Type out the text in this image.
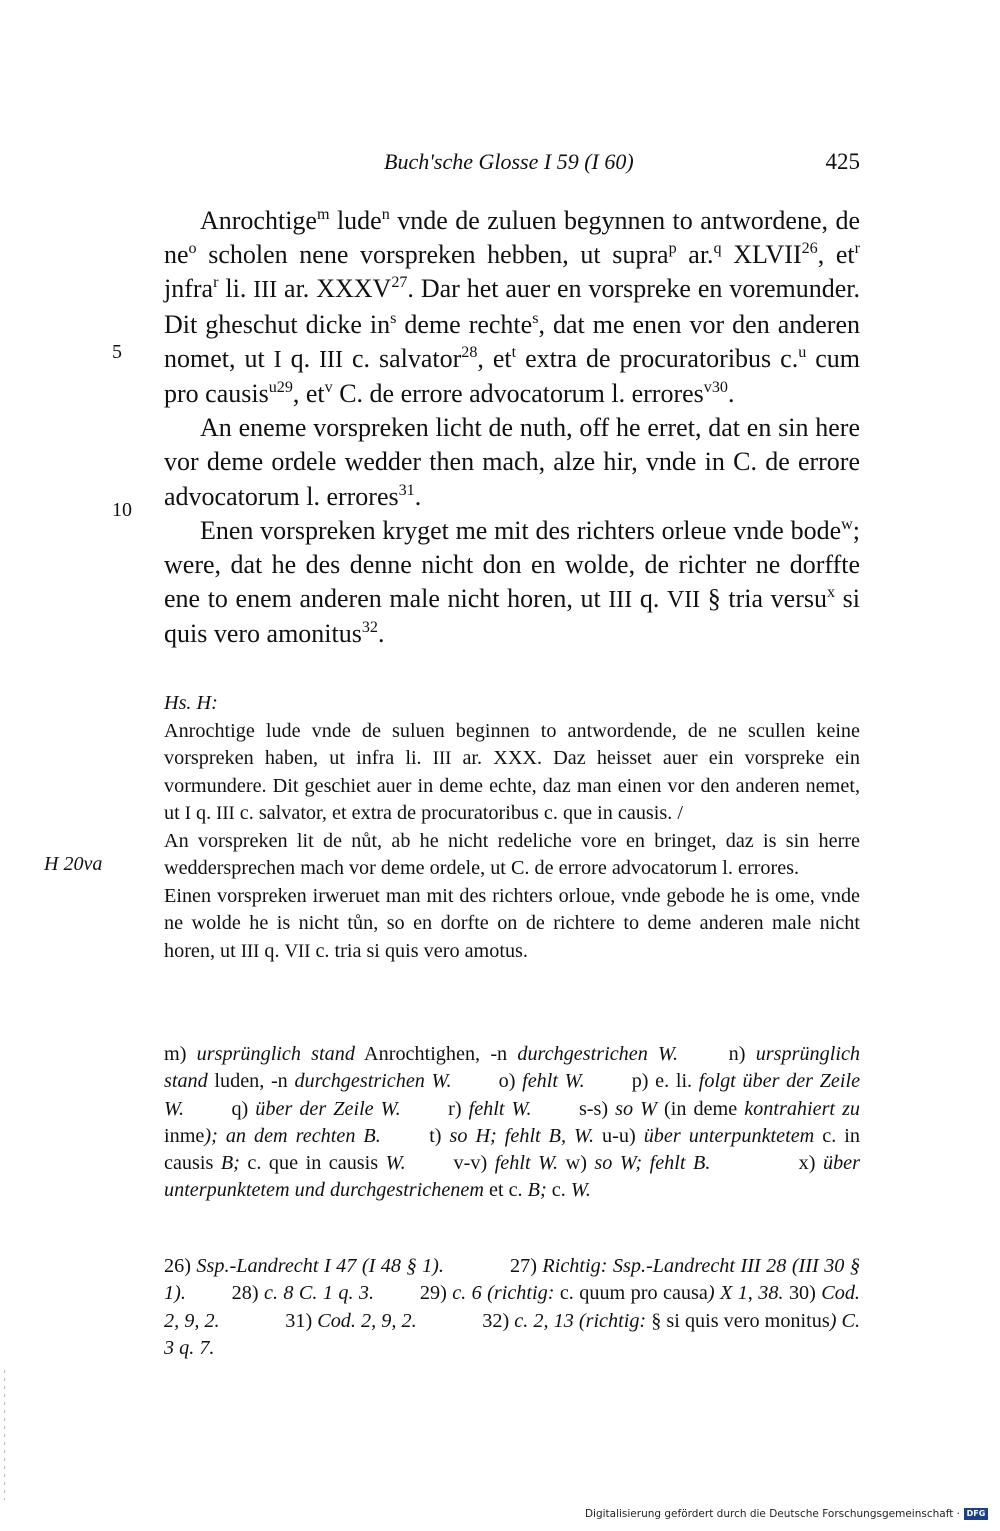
Buch'sche Glosse I 59 (I 60)	425
5
10
H 20va

Anrochtige$^m$ lude$^n$ vnde de zuluen begynnen to antwordene, de $ne^o$ scholen nene vorspreken hebben, ut supra$^p$ ar.$^q$ XLVII$^{26}$, $et^r$ jnfra$^r$ li. III ar. XXXV$^{27}$. Dar het auer en vorspreke en voremunder. Dit gheschut dicke $in^s$ deme rechte$^s$, dat me enen vor den anderen nomet, ut I q. III c. salvator$^{28}$, $et^t$ extra de procuratoribus c.$^u$ cum pro causis$^{u29}$, $et^v$ C. de errore advocatorum l. errores$^{v30}$.

An eneme vorspreken licht de nuth, off he erret, dat en sin here vor deme ordele wedder then mach, alze hir, vnde in C. de errore advocatorum l. errores$^{31}$.

Enen vorspreken kryget me mit des richters orleue vnde bode$^w$; were, dat he des denne nicht don en wolde, de richter ne dorffte ene to enem anderen male nicht horen, ut III q. VII § tria versu$^x$ si quis vero amonitus$^{32}$.

Hs. H:

Anrochtige lude vnde de suluen beginnen to antwordende, de ne scullen keine vorspreken haben, ut infra li. III ar. XXX. Daz heisset auer ein vorspreke ein vormundere. Dit geschiet auer in deme echte, daz man einen vor den anderen nemet, ut I q. III c. salvator, et extra de procuratoribus c. que in causis. /

An vorspreken lit de nůt, ab he nicht redeliche vore en bringet, daz is sin herre weddersprechen mach vor deme ordele, ut C. de errore advocatorum l. errores.

Einen vorspreken irweruet man mit des richters orloue, vnde gebode he is ome, vnde ne wolde he is nicht tůn, so en dorfte on de richtere to deme anderen male nicht horen, ut III q. VII c. tria si quis vero amotus.

m) ursprünglich stand Anrochtighen, -n durchgestrichen W.  	n) ursprünglich stand luden, -n durchgestrichen W.   o) fehlt W.   p) e. li. folgt über der Zeile W.   q) über der Zeile W.   r) fehlt W.   s-s) so W (in deme kontrahiert zu inme); an dem rechten B.   t) so H; fehlt B, W. u-u) über unterpunktetem c. in causis B; c. que in causis W.   v-v) fehlt W. w) so W; fehlt B.    	x) über unterpunktetem und durchgestrichenem et c. B; c. W.

26) Ssp.-Landrecht I 47 (I 48 § 1).   	27) Richtig: Ssp.-Landrecht III 28 (III 30 § 1).   28) c. 8 C. 1 q. 3.   29) c. 6 (richtig: c. quum pro causa) X 1, 38. 30) Cod. 2, 9, 2.   	31) Cod. 2, 9, 2.   	32) c. 2, 13 (richtig: § si quis vero monitus) C. 3 q. 7.

Digitalisierung gefördert durch die Deutsche Forschungsgemeinschaft · DFG
